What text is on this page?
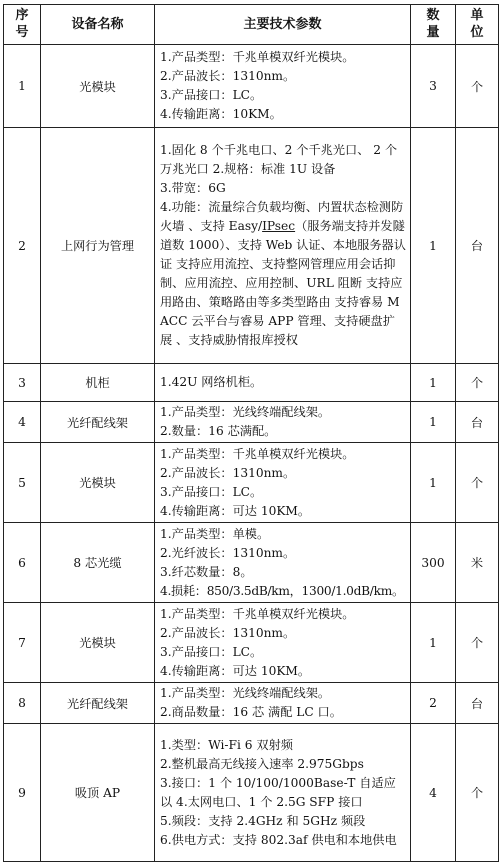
序号	设备名称	主要技术参数	数量	单位
1	光模块	1.产品类型：千兆单模双纤光模块。
2.产品波长：1310nm。
3.产品接口：LC。
4.传输距离：10KM。	3	个
2	上网行为管理	1.固化 8 个千兆电口、2 个千兆光口、 2 个万兆光口 2.规格：标准 1U 设备
3.带宽：6G
4.功能：流量综合负载均衡、内置状态检测防火墙 、支持 Easy/IPsec（服务端支持并发隧道数 1000）、支持 Web 认证、本地服务器认证 支持应用流控、支持整网管理应用会话抑制、应用流控、应用控制、URL 阻断 支持应用路由、策略路由等多类型路由 支持睿易 MACC 云平台与睿易 APP 管理、支持硬盘扩展 、支持威胁情报库授权	1	台
3	机柜	1.42U 网络机柜。	1	个
4	光纤配线架	1.产品类型：光线终端配线架。
2.数量：16 芯满配。	1	台
5	光模块	1.产品类型：千兆单模双纤光模块。
2.产品波长：1310nm。
3.产品接口：LC。
4.传输距离：可达 10KM。	1	个
6	8 芯光缆	1.产品类型：单模。
2.光纤波长：1310nm。
3.纤芯数量：8。
4.损耗：850/3.5dB/km，1300/1.0dB/km。	300	米
7	光模块	1.产品类型：千兆单模双纤光模块。
2.产品波长：1310nm。
3.产品接口：LC。
4.传输距离：可达 10KM。	1	个
8	光纤配线架	1.产品类型：光线终端配线架。
2.商品数量：16 芯 满配 LC 口。	2	台
9	吸顶 AP	1.类型：Wi-Fi 6 双射频
2.整机最高无线接入速率 2.975Gbps
3.接口：1 个 10/100/1000Base-T 自适应以 4.太网电口、1 个 2.5G SFP 接口
5.频段：支持 2.4GHz 和 5GHz 频段
6.供电方式：支持 802.3af 供电和本地供电	4	个
